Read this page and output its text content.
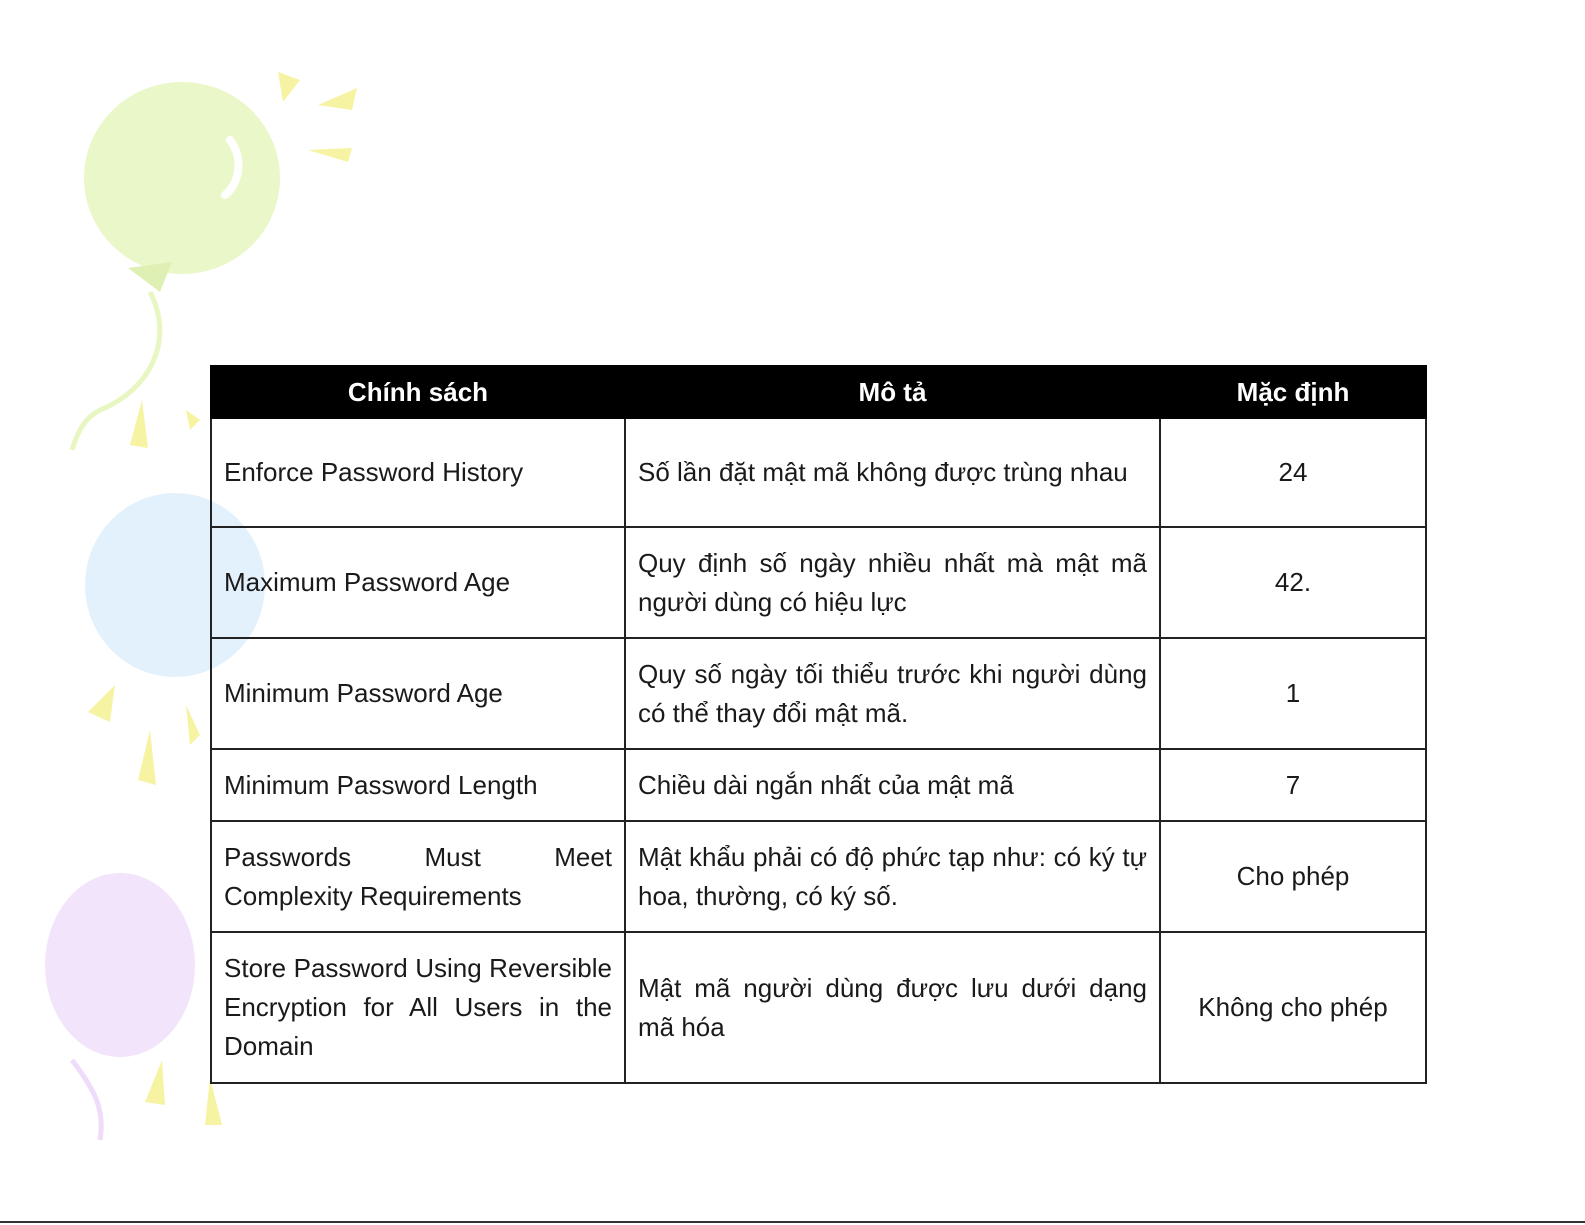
Chính sách	Mô tả	Mặc định
Enforce Password History	Số lần đặt mật mã không được trùng nhau	24
Maximum Password Age	Quy định số ngày nhiều nhất mà mật mã người dùng có hiệu lực	42.
Minimum Password Age	Quy số ngày tối thiểu trước khi người dùng có thể thay đổi mật mã.	1
Minimum Password Length	Chiều dài ngắn nhất của mật mã	7
Passwords Must Meet Complexity Requirements	Mật khẩu phải có độ phức tạp như: có ký tự hoa, thường, có ký số.	Cho phép
Store Password Using Reversible Encryption for All Users in the Domain	Mật mã người dùng được lưu dưới dạng mã hóa	Không cho phép
